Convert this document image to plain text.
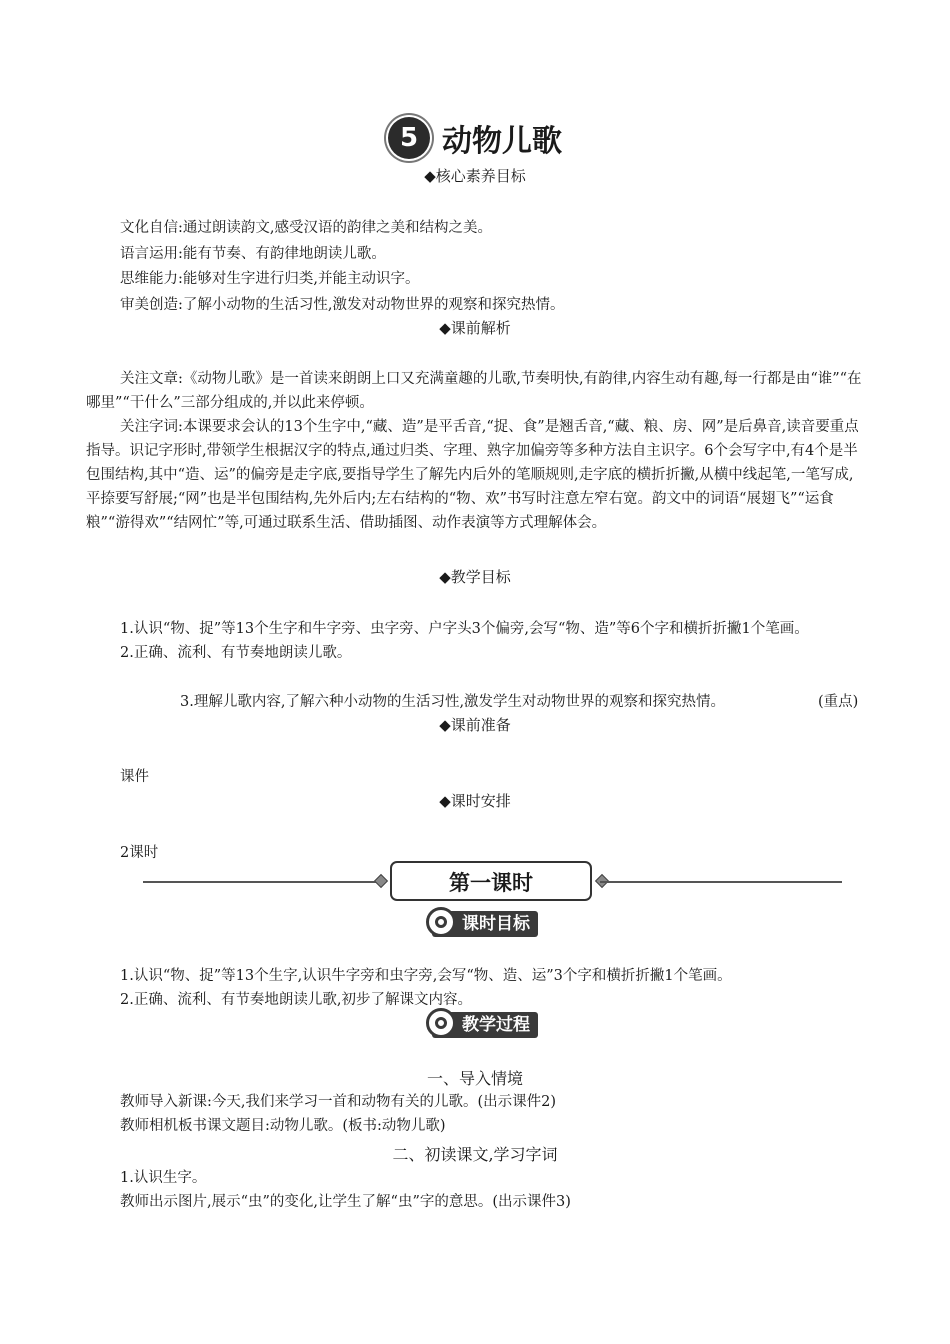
5 动物儿歌
◆核心素养目标
文化自信:通过朗读韵文,感受汉语的韵律之美和结构之美。
语言运用:能有节奏、有韵律地朗读儿歌。
思维能力:能够对生字进行归类,并能主动识字。
审美创造:了解小动物的生活习性,激发对动物世界的观察和探究热情。
◆课前解析
关注文章:《动物儿歌》是一首读来朗朗上口又充满童趣的儿歌,节奏明快,有韵律,内容生动有趣,每一行都是由“谁”“在哪里”“干什么”三部分组成的,并以此来停顿。
关注字词:本课要求会认的13个生字中,“藏、造”是平舌音,“捉、食”是翘舌音,“藏、粮、房、网”是后鼻音,读音要重点指导。识记字形时,带领学生根据汉字的特点,通过归类、字理、熟字加偏旁等多种方法自主识字。6个会写字中,有4个是半包围结构,其中“造、运”的偏旁是走字底,要指导学生了解先内后外的笔顺规则,走字底的横折折撇,从横中线起笔,一笔写成,平捺要写舒展;“网”也是半包围结构,先外后内;左右结构的“物、欢”书写时注意左窄右宽。韵文中的词语“展翅飞”“运食粮”“游得欢”“结网忙”等,可通过联系生活、借助插图、动作表演等方式理解体会。
◆教学目标
1.认识“物、捉”等13个生字和牛字旁、虫字旁、户字头3个偏旁,会写“物、造”等6个字和横折折撇1个笔画。
2.正确、流利、有节奏地朗读儿歌。
3.理解儿歌内容,了解六种小动物的生活习性,激发学生对动物世界的观察和探究热情。	(重点)
◆课前准备
课件
◆课时安排
2课时
第一课时
课时目标
1.认识“物、捉”等13个生字,认识牛字旁和虫字旁,会写“物、造、运”3个字和横折折撇1个笔画。
2.正确、流利、有节奏地朗读儿歌,初步了解课文内容。
教学过程
一、导入情境
教师导入新课:今天,我们来学习一首和动物有关的儿歌。(出示课件2)
教师相机板书课文题目:动物儿歌。(板书:动物儿歌)
二、初读课文,学习字词
1.认识生字。
教师出示图片,展示“虫”的变化,让学生了解“虫”字的意思。(出示课件3)
